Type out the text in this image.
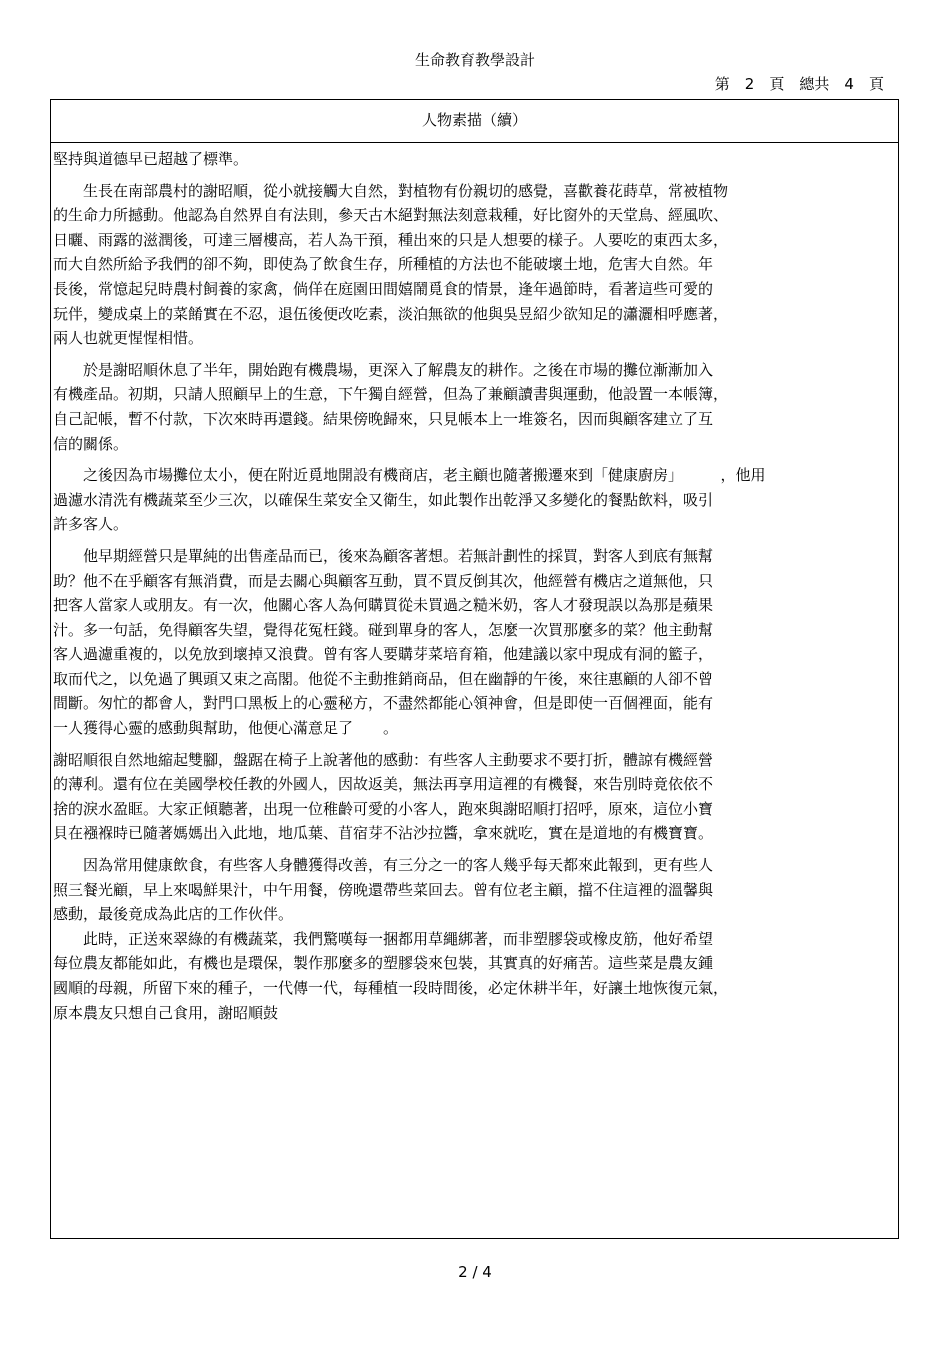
生命教育教學設計
第　 2　 頁　 總共　 4　 頁
人物素描（續）

堅持與道德早已超越了標準。

　　生長在南部農村的謝昭順，從小就接觸大自然，對植物有份親切的感覺，喜歡養花蒔草，常被植物
的生命力所撼動。他認為自然界自有法則，參天古木絕對無法刻意栽種，好比窗外的天堂鳥、經風吹、
日曬、雨露的滋潤後，可達三層樓高，若人為干預，種出來的只是人想要的樣子。人要吃的東西太多，
而大自然所給予我們的卻不夠，即使為了飲食生存，所種植的方法也不能破壞土地，危害大自然。年
長後，常憶起兒時農村飼養的家禽，倘佯在庭園田間嬉鬧覓食的情景，逢年過節時，看著這些可愛的
玩伴，變成桌上的菜餚實在不忍，退伍後便改吃素，淡泊無欲的他與吳昱紹少欲知足的瀟灑相呼應著，
兩人也就更惺惺相惜。

　　於是謝昭順休息了半年，開始跑有機農場，更深入了解農友的耕作。之後在市場的攤位漸漸加入
有機產品。初期，只請人照顧早上的生意，下午獨自經營，但為了兼顧讀書與運動，他設置一本帳簿，
自己記帳，暫不付款，下次來時再還錢。結果傍晚歸來，只見帳本上一堆簽名，因而與顧客建立了互
信的關係。

　　之後因為市場攤位太小，便在附近覓地開設有機商店，老主顧也隨著搬遷來到「健康廚房」　　　，他用
過濾水清洗有機蔬菜至少三次，以確保生菜安全又衛生，如此製作出乾淨又多變化的餐點飲料，吸引
許多客人。

　　他早期經營只是單純的出售產品而已，後來為顧客著想。若無計劃性的採買，對客人到底有無幫
助？他不在乎顧客有無消費，而是去關心與顧客互動，買不買反倒其次，他經營有機店之道無他，只
把客人當家人或朋友。有一次，他關心客人為何購買從未買過之糙米奶，客人才發現誤以為那是蘋果
汁。多一句話，免得顧客失望，覺得花冤枉錢。碰到單身的客人，怎麼一次買那麼多的菜？他主動幫
客人過濾重複的，以免放到壞掉又浪費。曾有客人要購芽菜培育箱，他建議以家中現成有洞的籃子，
取而代之，以免過了興頭又束之高閣。他從不主動推銷商品，但在幽靜的午後，來往惠顧的人卻不曾
間斷。匆忙的都會人，對門口黑板上的心靈秘方，不盡然都能心領神會，但是即使一百個裡面，能有
一人獲得心靈的感動與幫助，他便心滿意足了　　。

謝昭順很自然地縮起雙腳，盤踞在椅子上說著他的感動：有些客人主動要求不要打折，體諒有機經營
的薄利。還有位在美國學校任教的外國人，因故返美，無法再享用這裡的有機餐，來告別時竟依依不
捨的淚水盈眶。大家正傾聽著，出現一位稚齡可愛的小客人，跑來與謝昭順打招呼，原來，這位小寶
貝在襁褓時已隨著媽媽出入此地，地瓜葉、苜宿芽不沾沙拉醬，拿來就吃，實在是道地的有機寶寶。

　　因為常用健康飲食，有些客人身體獲得改善，有三分之一的客人幾乎每天都來此報到，更有些人
照三餐光顧，早上來喝鮮果汁，中午用餐，傍晚還帶些菜回去。曾有位老主顧，擋不住這裡的溫馨與
感動，最後竟成為此店的工作伙伴。

　　此時，正送來翠綠的有機蔬菜，我們驚嘆每一捆都用草繩綁著，而非塑膠袋或橡皮筋，他好希望
每位農友都能如此，有機也是環保，製作那麼多的塑膠袋來包裝，其實真的好痛苦。這些菜是農友鍾
國順的母親，所留下來的種子，一代傳一代，每種植一段時間後，必定休耕半年，好讓土地恢復元氣，
原本農友只想自己食用，謝昭順鼓

2 / 4
